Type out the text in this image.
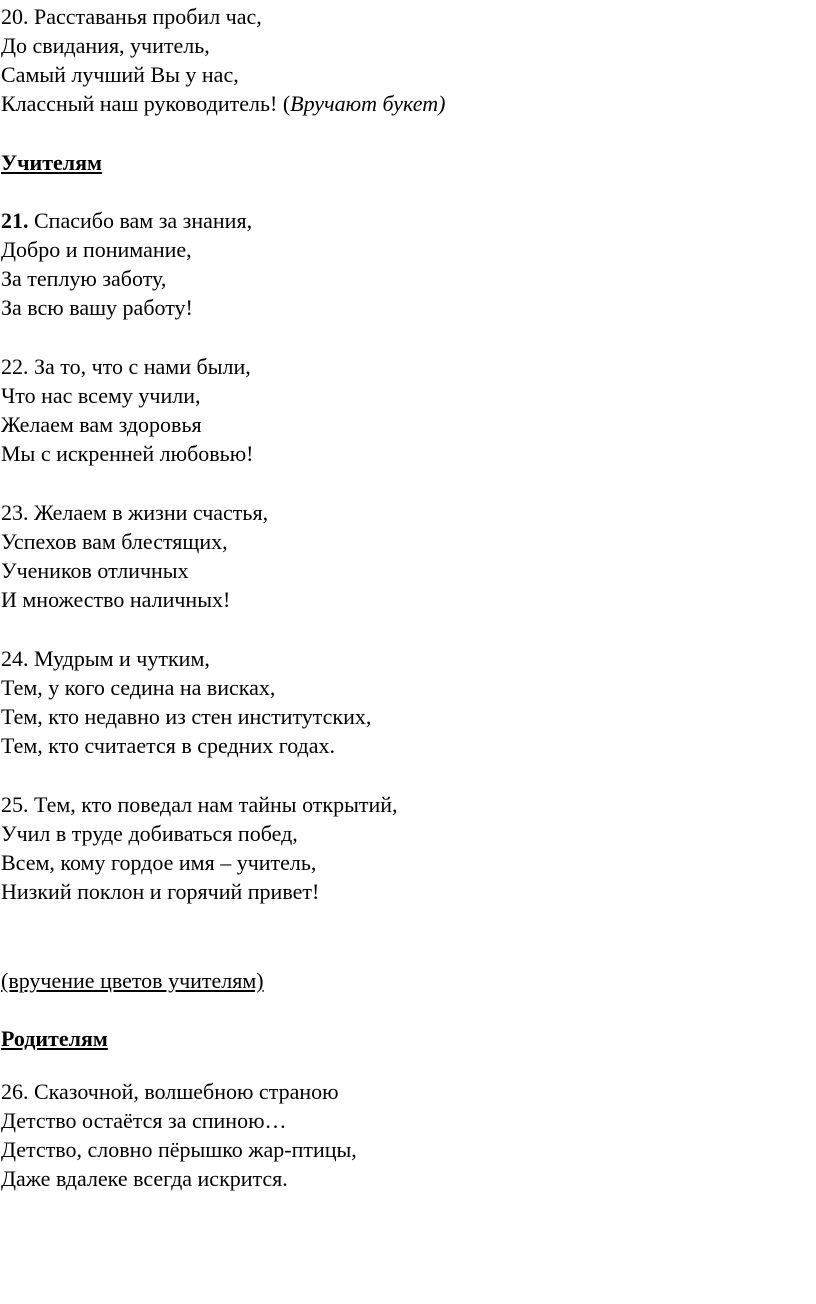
20. Расставанья пробил час,
До свидания, учитель,
Самый лучший Вы у нас,
Классный наш руководитель! (Вручают букет)
Учителям
21. Спасибо вам за знания,
Добро и понимание,
За теплую заботу,
За всю вашу работу!
22. За то, что с нами были,
Что нас всему учили,
Желаем вам здоровья
Мы с искренней любовью!
23. Желаем в жизни счастья,
Успехов вам блестящих,
Учеников отличных
И множество наличных!
24. Мудрым и чутким,
Тем, у кого седина на висках,
Тем, кто недавно из стен институтских,
Тем, кто считается в средних годах.
25. Тем, кто поведал нам тайны открытий,
Учил в труде добиваться побед,
Всем, кому гордое имя – учитель,
Низкий поклон и горячий привет!
(вручение цветов учителям)
Родителям
26. Сказочной, волшебною страною
Детство остаётся за спиною…
Детство, словно пёрышко жар-птицы,
Даже вдалеке всегда искрится.
